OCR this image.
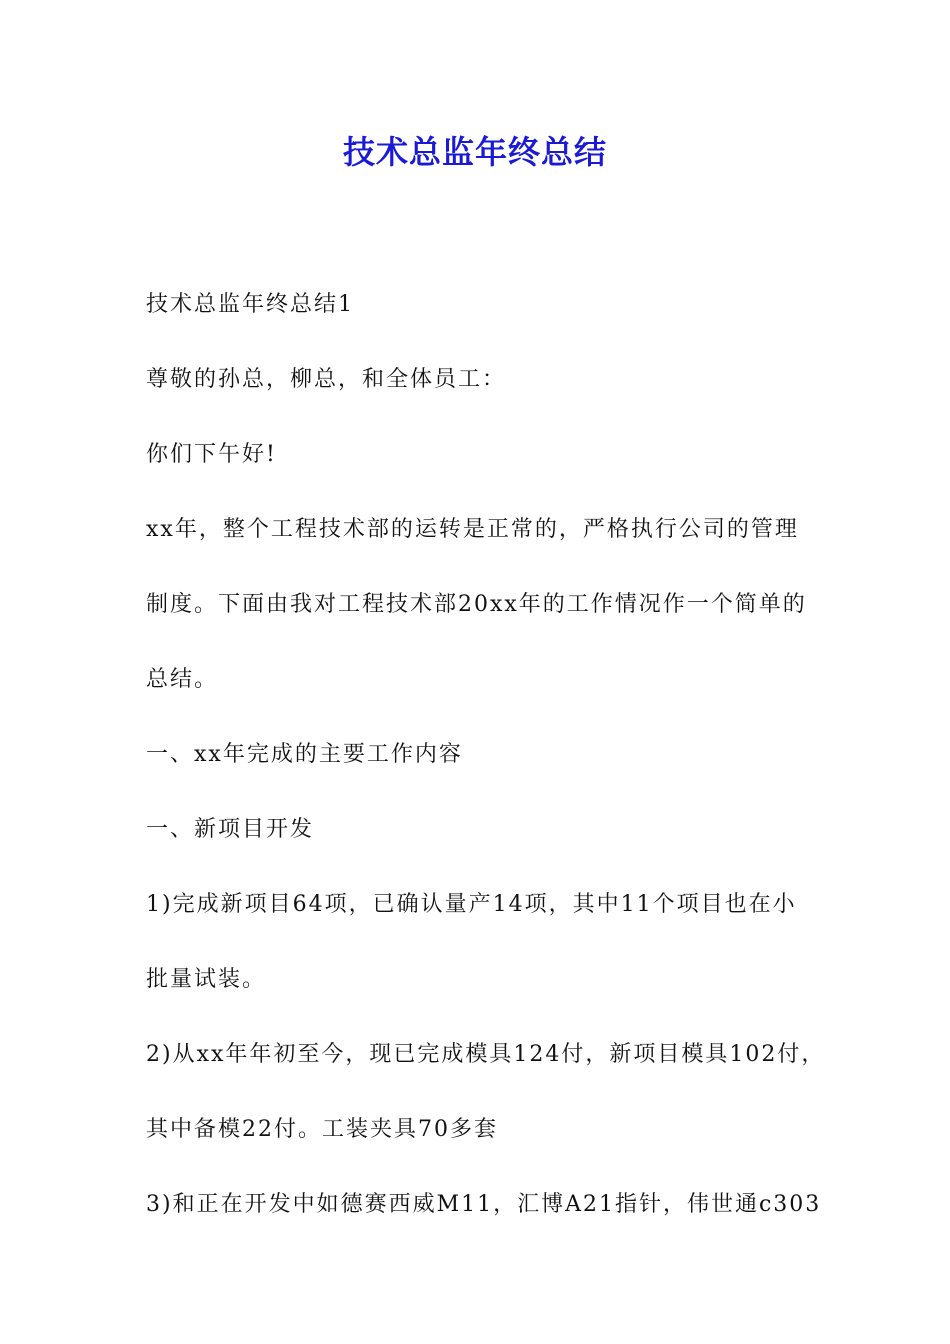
技术总监年终总结

技术总监年终总结1

尊敬的孙总，柳总，和全体员工：

你们下午好!

xx年，整个工程技术部的运转是正常的，严格执行公司的管理

制度。下面由我对工程技术部20xx年的工作情况作一个简单的

总结。

一、xx年完成的主要工作内容

一、新项目开发

1)完成新项目64项，已确认量产14项，其中11个项目也在小

批量试装。

2)从xx年年初至今，现已完成模具124付，新项目模具102付，

其中备模22付。工装夹具70多套

3)和正在开发中如德赛西威M11，汇博A21指针，伟世通c303
